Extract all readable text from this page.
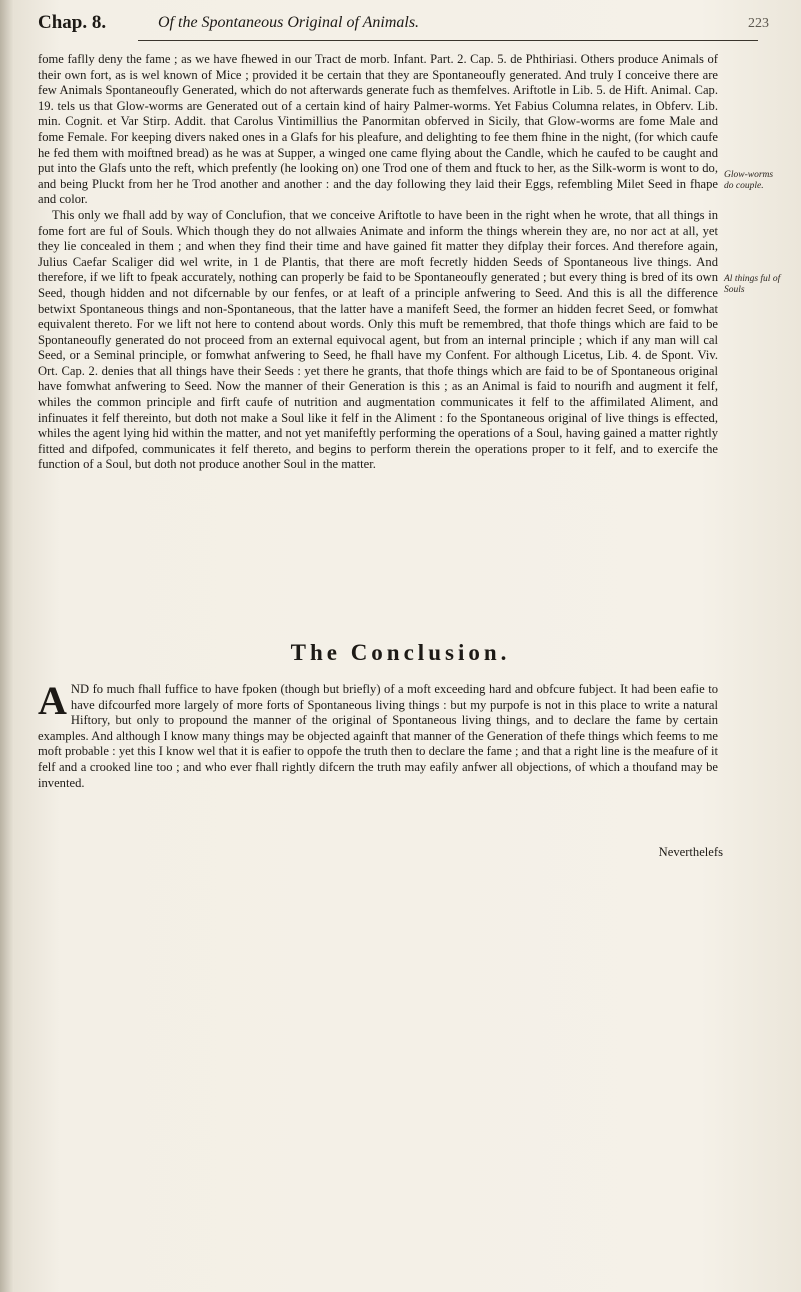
Chap. 8.	Of the Spontaneous Original of Animals.	223

fome faflly deny the fame ; as we have fhewed in our Tract de morb. Infant. Part. 2. Cap. 5. de Phthiriasi. Others produce Animals of their own fort, as is wel known of Mice ; provided it be certain that they are Spontaneoufly generated. And truly I conceive there are few Animals Spontaneoufly Generated, which do not afterwards generate fuch as themfelves. Ariftotle in Lib. 5. de Hift. Animal. Cap. 19. tels us that Glow-worms are Generated out of a certain kind of hairy Palmer-worms. Yet Fabius Columna relates, in Obferv. Lib. min. Cognit. et Var Stirp. Addit. that Carolus Vintimillius the Panormitan obferved in Sicily, that Glow-worms are fome Male and fome Female. For keeping divers naked ones in a Glafs for his pleafure, and delighting to fee them fhine in the night, (for which caufe he fed them with moiftned bread) as he was at Supper, a winged one came flying about the Candle, which he caufed to be caught and put into the Glafs unto the reft, which prefently (he looking on) one Trod one of them and ftuck to her, as the Silk-worm is wont to do, and being Pluckt from her he Trod another and another : and the day following they laid their Eggs, refembling Milet Seed in fhape and color.

This only we fhall add by way of Conclufion, that we conceive Ariftotle to have been in the right when he wrote, that all things in fome fort are ful of Souls. Which though they do not allwaies Animate and inform the things wherein they are, no nor act at all, yet they lie concealed in them ; and when they find their time and have gained fit matter they difplay their forces. And therefore again, Julius Caefar Scaliger did wel write, in 1 de Plantis, that there are moft fecretly hidden Seeds of Spontaneous live things. And therefore, if we lift to fpeak accurately, nothing can properly be faid to be Spontaneoufly generated ; but every thing is bred of its own Seed, though hidden and not difcernable by our fenfes, or at leaft of a principle anfwering to Seed. And this is all the difference betwixt Spontaneous things and non-Spontaneous, that the latter have a manifeft Seed, the former an hidden fecret Seed, or fomwhat equivalent thereto. For we lift not here to contend about words. Only this muft be remembred, that thofe things which are faid to be Spontaneoufly generated do not proceed from an external equivocal agent, but from an internal principle ; which if any man will cal Seed, or a Seminal principle, or fomwhat anfwering to Seed, he fhall have my Confent. For although Licetus, Lib. 4. de Spont. Viv. Ort. Cap. 2. denies that all things have their Seeds : yet there he grants, that thofe things which are faid to be of Spontaneous original have fomwhat anfwering to Seed. Now the manner of their Generation is this ; as an Animal is faid to nourifh and augment it felf, whiles the common principle and firft caufe of nutrition and augmentation communicates it felf to the affimilated Aliment, and infinuates it felf thereinto, but doth not make a Soul like it felf in the Aliment : fo the Spontaneous original of live things is effected, whiles the agent lying hid within the matter, and not yet manifeftly performing the operations of a Soul, having gained a matter rightly fitted and difpofed, communicates it felf thereto, and begins to perform therein the operations proper to it felf, and to exercife the function of a Soul, but doth not produce another Soul in the matter.

Glow-worms do couple.
Al things ful of Souls
The Conclusion.
A ND fo much fhall fuffice to have fpoken (though but briefly) of a moft exceeding hard and obfcure fubject. It had been eafie to have difcourfed more largely of more forts of Spontaneous living things : but my purpofe is not in this place to write a natural Hiftory, but only to propound the manner of the original of Spontaneous living things, and to declare the fame by certain examples. And although I know many things may be objected againft that manner of the Generation of thefe things which feems to me moft probable : yet this I know wel that it is eafier to oppofe the truth then to declare the fame ; and that a right line is the meafure of it felf and a crooked line too ; and who ever fhall rightly difcern the truth may eafily anfwer all objections, of which a thoufand may be invented.
Neverthelefs
